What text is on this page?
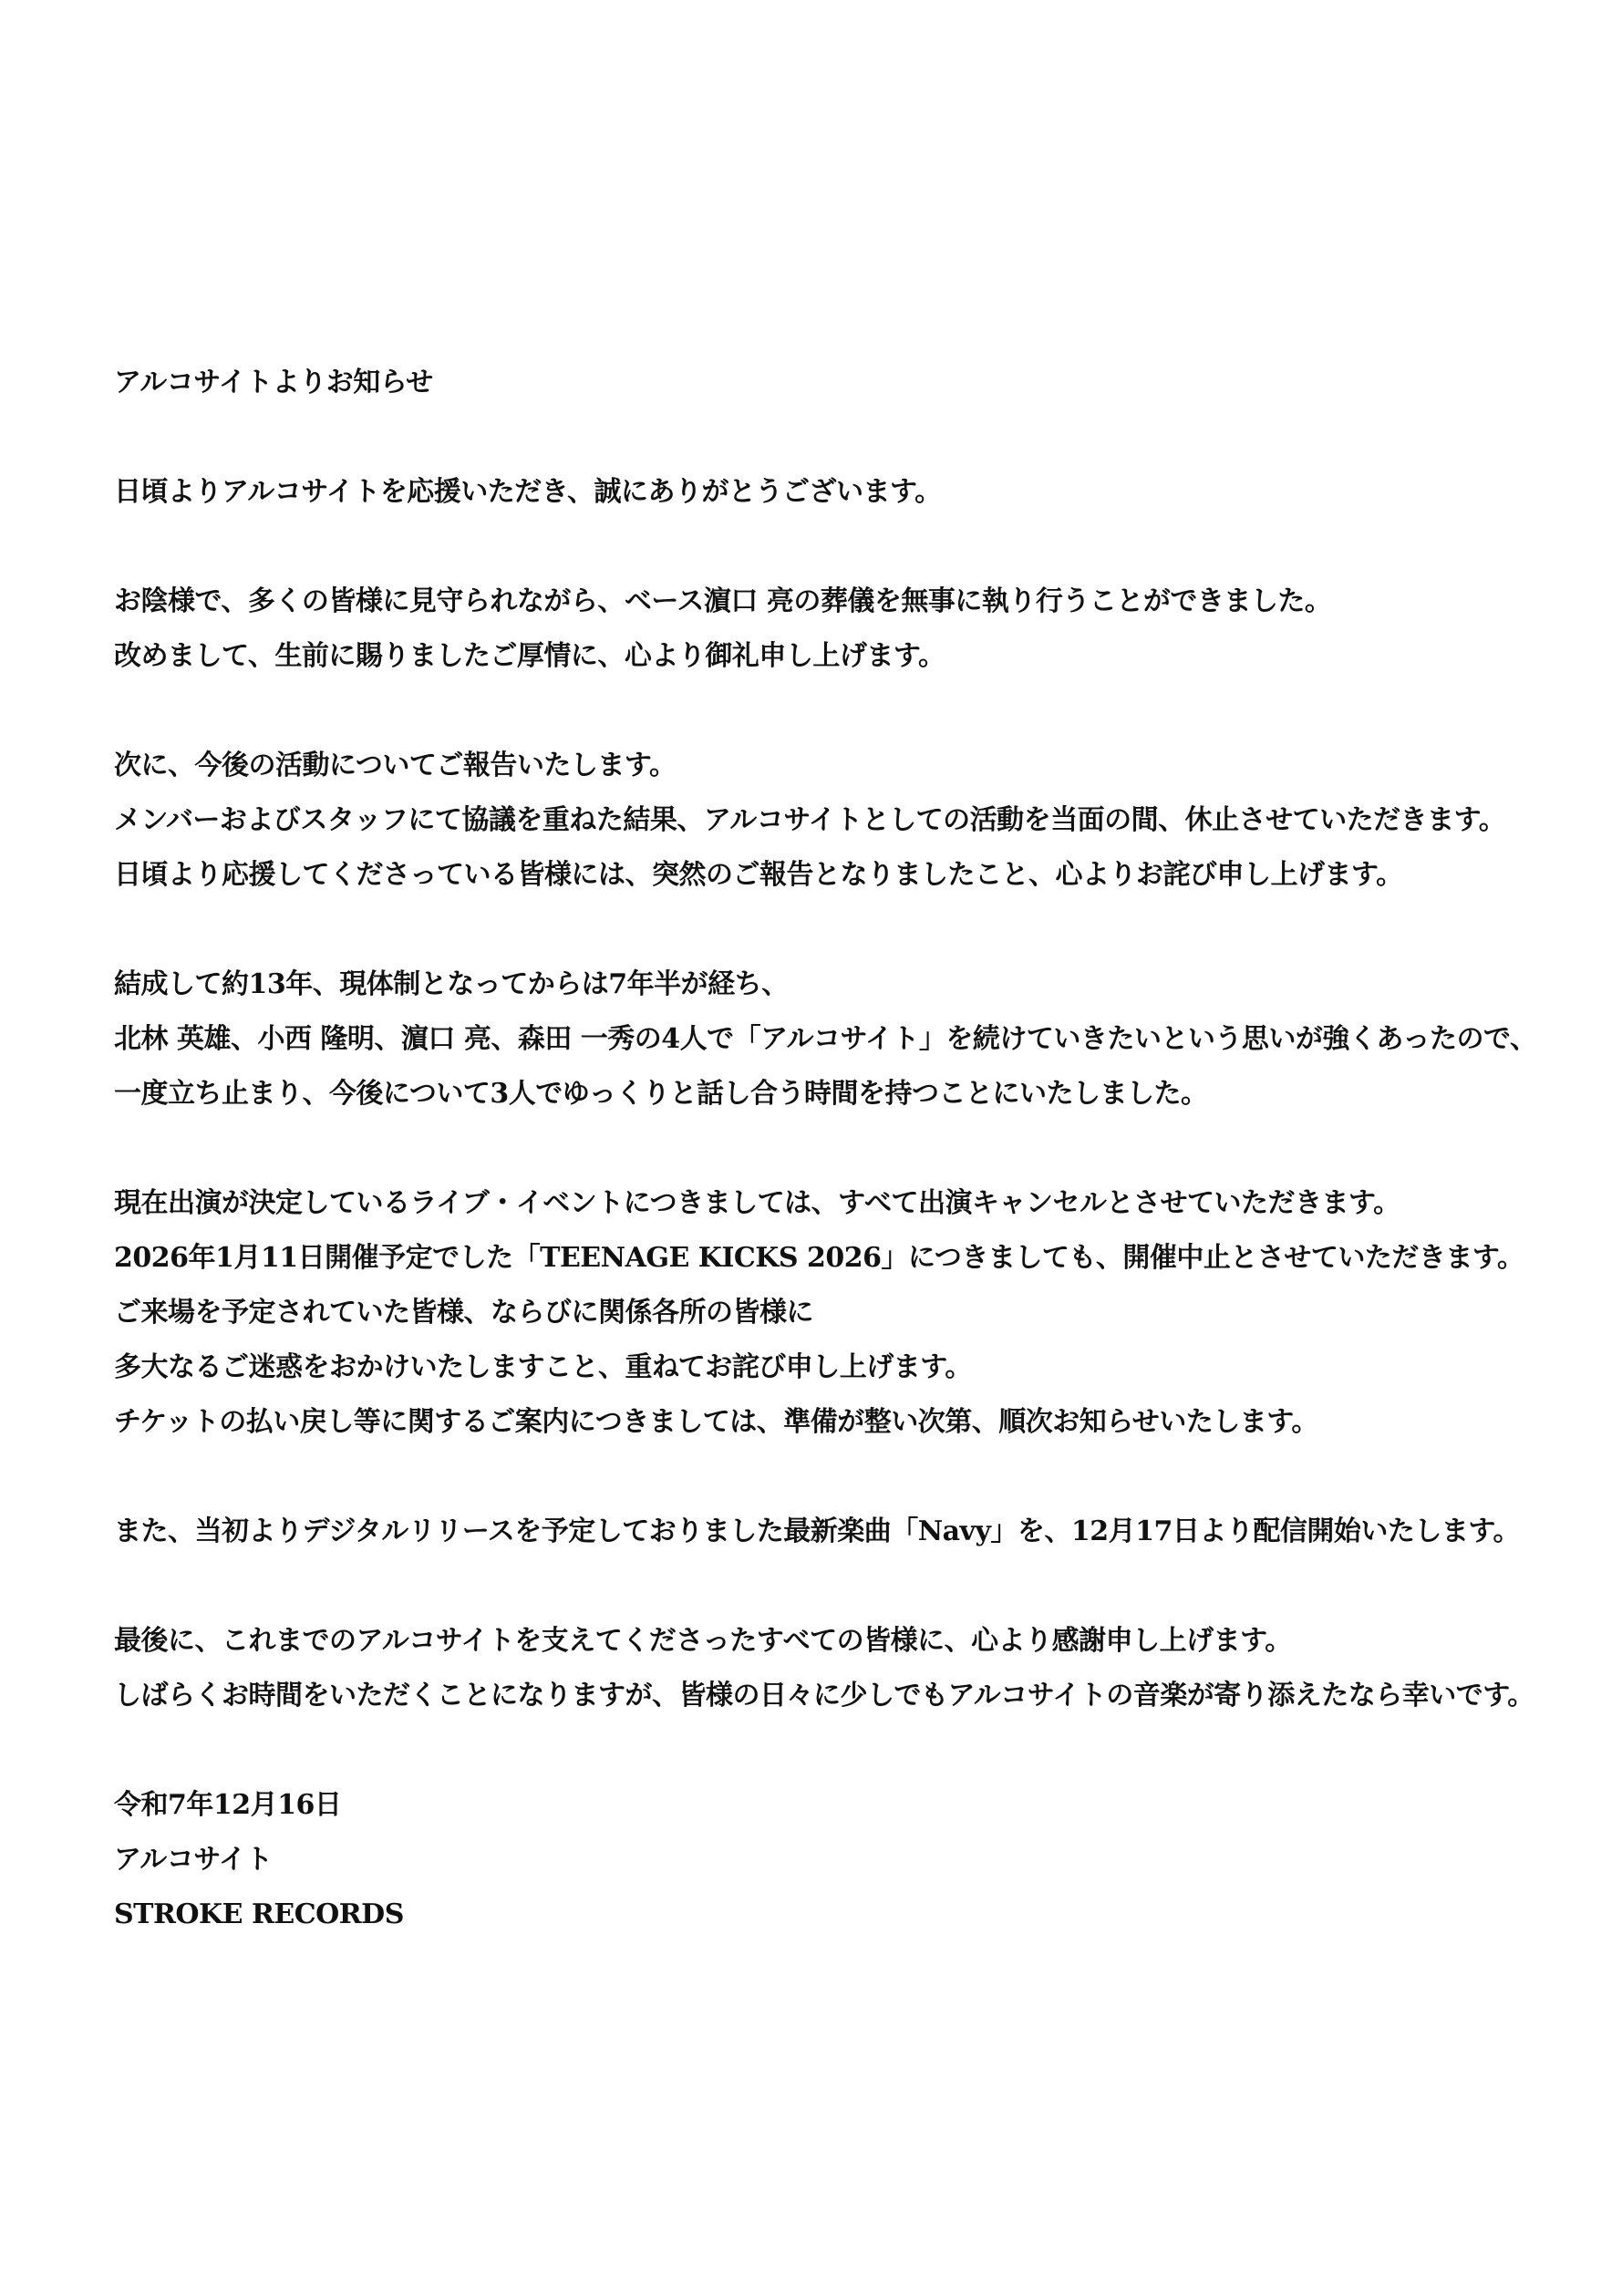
アルコサイトよりお知らせ
日頃よりアルコサイトを応援いただき、誠にありがとうございます。
お陰様で、多くの皆様に見守られながら、ベース濵口 亮の葬儀を無事に執り行うことができました。
改めまして、生前に賜りましたご厚情に、心より御礼申し上げます。
次に、今後の活動についてご報告いたします。
メンバーおよびスタッフにて協議を重ねた結果、アルコサイトとしての活動を当面の間、休止させていただきます。
日頃より応援してくださっている皆様には、突然のご報告となりましたこと、心よりお詫び申し上げます。
結成して約13年、現体制となってからは7年半が経ち、
北林 英雄、小西 隆明、濵口 亮、森田 一秀の4人で「アルコサイト」を続けていきたいという思いが強くあったので、
一度立ち止まり、今後について3人でゆっくりと話し合う時間を持つことにいたしました。
現在出演が決定しているライブ・イベントにつきましては、すべて出演キャンセルとさせていただきます。
2026年1月11日開催予定でした「TEENAGE KICKS 2026」につきましても、開催中止とさせていただきます。
ご来場を予定されていた皆様、ならびに関係各所の皆様に
多大なるご迷惑をおかけいたしますこと、重ねてお詫び申し上げます。
チケットの払い戻し等に関するご案内につきましては、準備が整い次第、順次お知らせいたします。
また、当初よりデジタルリリースを予定しておりました最新楽曲「Navy」を、12月17日より配信開始いたします。
最後に、これまでのアルコサイトを支えてくださったすべての皆様に、心より感謝申し上げます。
しばらくお時間をいただくことになりますが、皆様の日々に少しでもアルコサイトの音楽が寄り添えたなら幸いです。
令和7年12月16日
アルコサイト
STROKE RECORDS
